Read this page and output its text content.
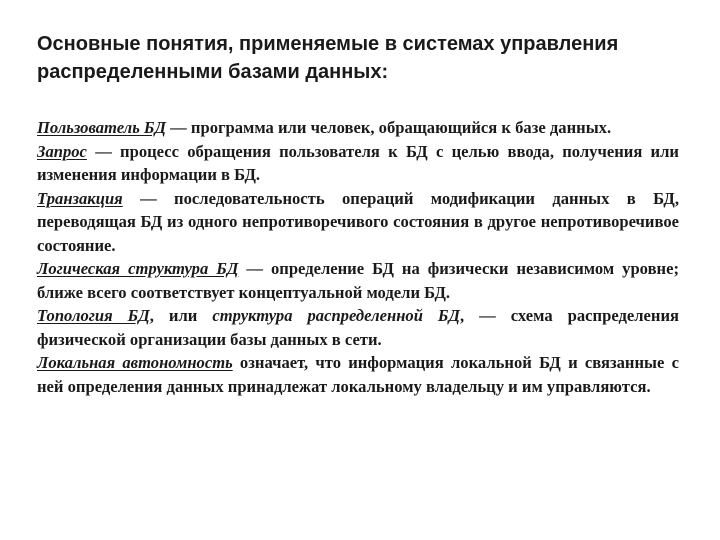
Основные понятия, применяемые в системах управления распределенными базами данных:

Пользователь БД — программа или человек, обращающийся к базе данных.

Запрос — процесс обращения пользователя к БД с целью ввода, получения или изменения информации в БД.

Транзакция — последовательность операций модификации данных в БД, переводящая БД из одного непротиворечивого состояния в другое непротиворечивое состояние.

Логическая структура БД — определение БД на физически независимом уровне; ближе всего соответствует концептуальной модели БД.

Топология БД, или структура распределенной БД, — схема распределения физической организации базы данных в сети.

Локальная автономность означает, что информация локальной БД и связанные с ней определения данных принадлежат локальному владельцу и им управляются.
